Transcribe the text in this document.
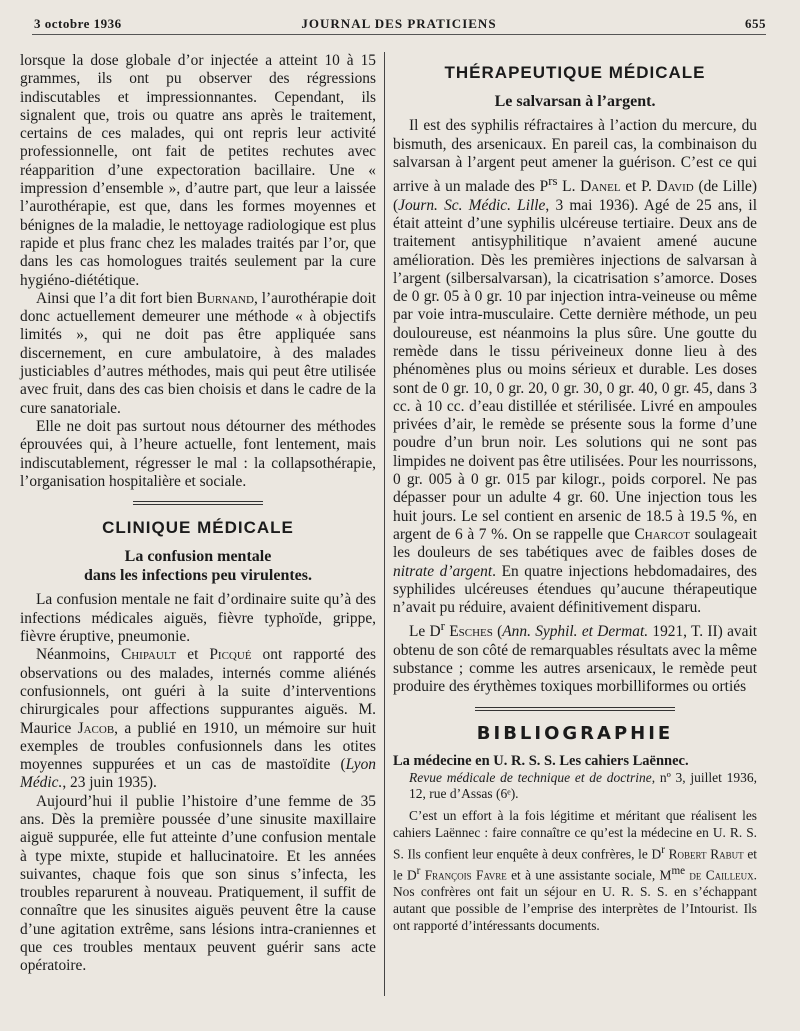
3 octobre 1936	JOURNAL DES PRATICIENS	655

lorsque la dose globale d’or injectée a atteint 10 à 15 grammes, ils ont pu observer des régressions indiscutables et impressionnantes. Cependant, ils signalent que, trois ou quatre ans après le traitement, certains de ces malades, qui ont repris leur activité professionnelle, ont fait de petites rechutes avec réapparition d’une expectoration bacillaire. Une « impression d’ensemble », d’autre part, que leur a laissée l’aurothérapie, est que, dans les formes moyennes et bénignes de la maladie, le nettoyage radiologique est plus rapide et plus franc chez les malades traités par l’or, que dans les cas homologues traités seulement par la cure hygiéno-diététique.

Ainsi que l’a dit fort bien Burnand, l’aurothérapie doit donc actuellement demeurer une méthode « à objectifs limités », qui ne doit pas être appliquée sans discernement, en cure ambulatoire, à des malades justiciables d’autres méthodes, mais qui peut être utilisée avec fruit, dans des cas bien choisis et dans le cadre de la cure sanatoriale.

Elle ne doit pas surtout nous détourner des méthodes éprouvées qui, à l’heure actuelle, font lentement, mais indiscutablement, régresser le mal : la collapsothérapie, l’organisation hospitalière et sociale.

CLINIQUE MÉDICALE
La confusion mentale
dans les infections peu virulentes.

La confusion mentale ne fait d’ordinaire suite qu’à des infections médicales aiguës, fièvre typhoïde, grippe, fièvre éruptive, pneumonie.

Néanmoins, Chipault et Picqué ont rapporté des observations ou des malades, internés comme aliénés confusionnels, ont guéri à la suite d’interventions chirurgicales pour affections suppurantes aiguës. M. Maurice Jacob, a publié en 1910, un mémoire sur huit exemples de troubles confusionnels dans les otites moyennes suppurées et un cas de mastoïdite (Lyon Médic., 23 juin 1935).

Aujourd’hui il publie l’histoire d’une femme de 35 ans. Dès la première poussée d’une sinusite maxillaire aiguë suppurée, elle fut atteinte d’une confusion mentale à type mixte, stupide et hallucinatoire. Et les années suivantes, chaque fois que son sinus s’infecta, les troubles reparurent à nouveau. Pratiquement, il suffit de connaître que les sinusites aiguës peuvent être la cause d’une agitation extrême, sans lésions intra-craniennes et que ces troubles mentaux peuvent guérir sans acte opératoire.

THÉRAPEUTIQUE MÉDICALE
Le salvarsan à l’argent.

Il est des syphilis réfractaires à l’action du mercure, du bismuth, des arsenicaux. En pareil cas, la combinaison du salvarsan à l’argent peut amener la guérison. C’est ce qui arrive à un malade des $P^{rs}$ L. Danel et P. David (de Lille) (Journ. Sc. Médic. Lille, 3 mai 1936). Agé de 25 ans, il était atteint d’une syphilis ulcéreuse tertiaire. Deux ans de traitement antisyphilitique n’avaient amené aucune amélioration. Dès les premières injections de salvarsan à l’argent (silbersalvarsan), la cicatrisation s’amorce. Doses de 0 gr. 05 à 0 gr. 10 par injection intra-veineuse ou même par voie intra-musculaire. Cette dernière méthode, un peu douloureuse, est néanmoins la plus sûre. Une goutte du remède dans le tissu périveineux donne lieu à des phénomènes plus ou moins sérieux et durable. Les doses sont de 0 gr. 10, 0 gr. 20, 0 gr. 30, 0 gr. 40, 0 gr. 45, dans 3 cc. à 10 cc. d’eau distillée et stérilisée. Livré en ampoules privées d’air, le remède se présente sous la forme d’une poudre d’un brun noir. Les solutions qui ne sont pas limpides ne doivent pas être utilisées. Pour les nourrissons, 0 gr. 005 à 0 gr. 015 par kilogr., poids corporel. Ne pas dépasser pour un adulte 4 gr. 60. Une injection tous les huit jours. Le sel contient en arsenic de 18.5 à 19.5 %, en argent de 6 à 7 %. On se rappelle que Charcot soulageait les douleurs de ses tabétiques avec de faibles doses de nitrate d’argent. En quatre injections hebdomadaires, des syphilides ulcéreuses étendues qu’aucune thérapeutique n’avait pu réduire, avaient définitivement disparu.

Le $D^r$ Esches (Ann. Syphil. et Dermat. 1921, T. II) avait obtenu de son côté de remarquables résultats avec la même substance ; comme les autres arsenicaux, le remède peut produire des érythèmes toxiques morbilliformes ou ortiés

BIBLIOGRAPHIE

La médecine en U. R. S. S. Les cahiers Laënnec.

Revue médicale de technique et de doctrine, nº 3, juillet 1936, 12, rue d’Assas (6ᵉ).

C’est un effort à la fois légitime et méritant que réalisent les cahiers Laënnec : faire connaître ce qu’est la médecine en U. R. S. S. Ils confient leur enquête à deux confrères, le $D^r$ Robert Rabut et le $D^r$ François Favre et à une assistante sociale, $M^{me}$ de Cailleux. Nos confrères ont fait un séjour en U. R. S. S. en s’échappant autant que possible de l’emprise des interprètes de l’Intourist. Ils ont rapporté d’intéressants documents.
